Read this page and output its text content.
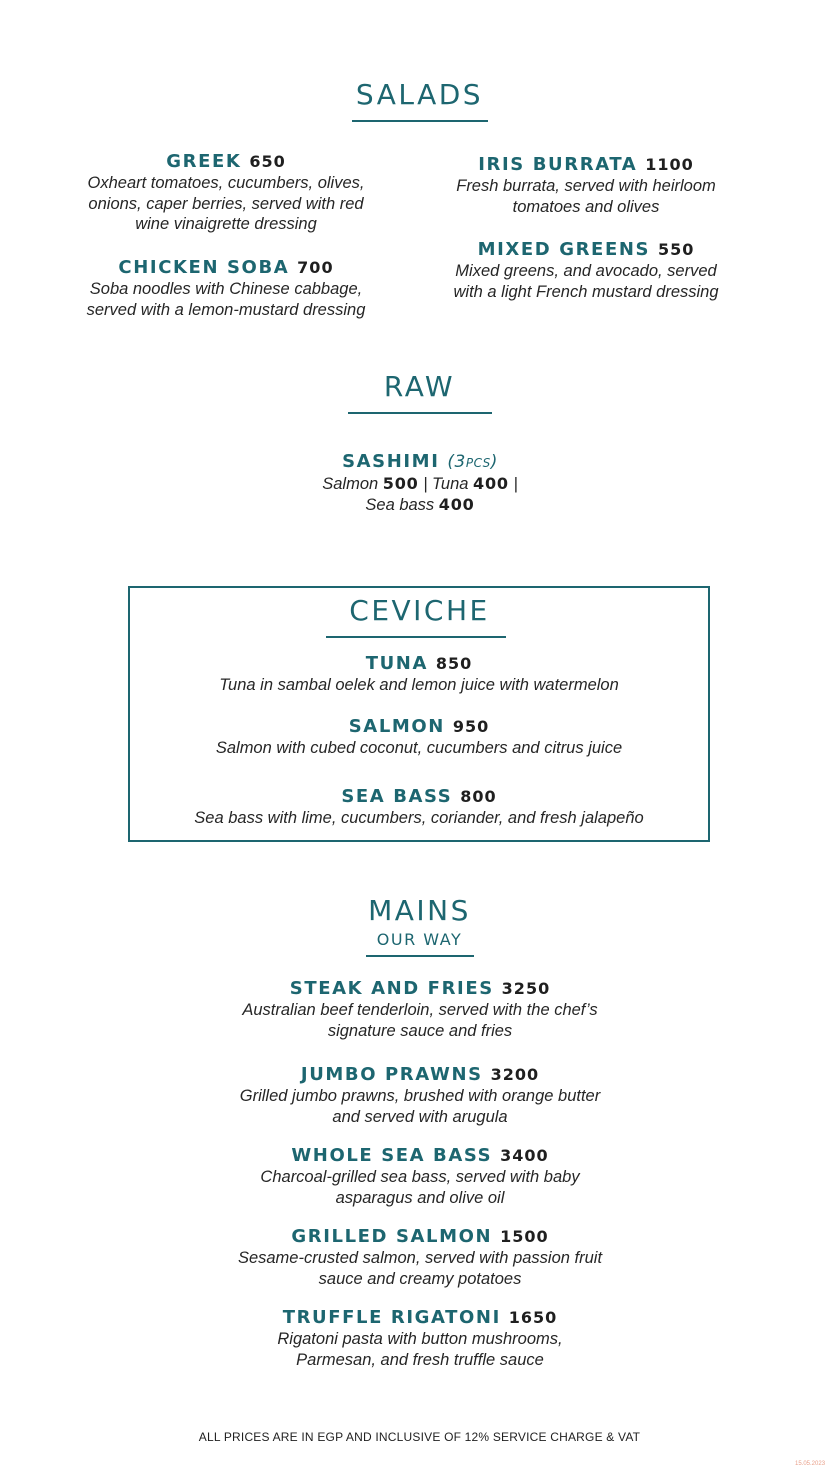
SALADS
GREEK 650
Oxheart tomatoes, cucumbers, olives,
onions, caper berries, served with red
wine vinaigrette dressing
CHICKEN SOBA 700
Soba noodles with Chinese cabbage,
served with a lemon-mustard dressing
IRIS BURRATA 1100
Fresh burrata, served with heirloom
tomatoes and olives
MIXED GREENS 550
Mixed greens, and avocado, served
with a light French mustard dressing
RAW
SASHIMI (3PCS)
Salmon 500 | Tuna 400 |
Sea bass 400
CEVICHE
TUNA 850
Tuna in sambal oelek and lemon juice with watermelon
SALMON 950
Salmon with cubed coconut, cucumbers and citrus juice
SEA BASS 800
Sea bass with lime, cucumbers, coriander, and fresh jalapeño
MAINS
OUR WAY
STEAK AND FRIES 3250
Australian beef tenderloin, served with the chef’s
signature sauce and fries
JUMBO PRAWNS 3200
Grilled jumbo prawns, brushed with orange butter
and served with arugula
WHOLE SEA BASS 3400
Charcoal-grilled sea bass, served with baby
asparagus and olive oil
GRILLED SALMON 1500
Sesame-crusted salmon, served with passion fruit
sauce and creamy potatoes
TRUFFLE RIGATONI 1650
Rigatoni pasta with button mushrooms,
Parmesan, and fresh truffle sauce
ALL PRICES ARE IN EGP AND INCLUSIVE OF 12% SERVICE CHARGE & VAT
15.05.2023
